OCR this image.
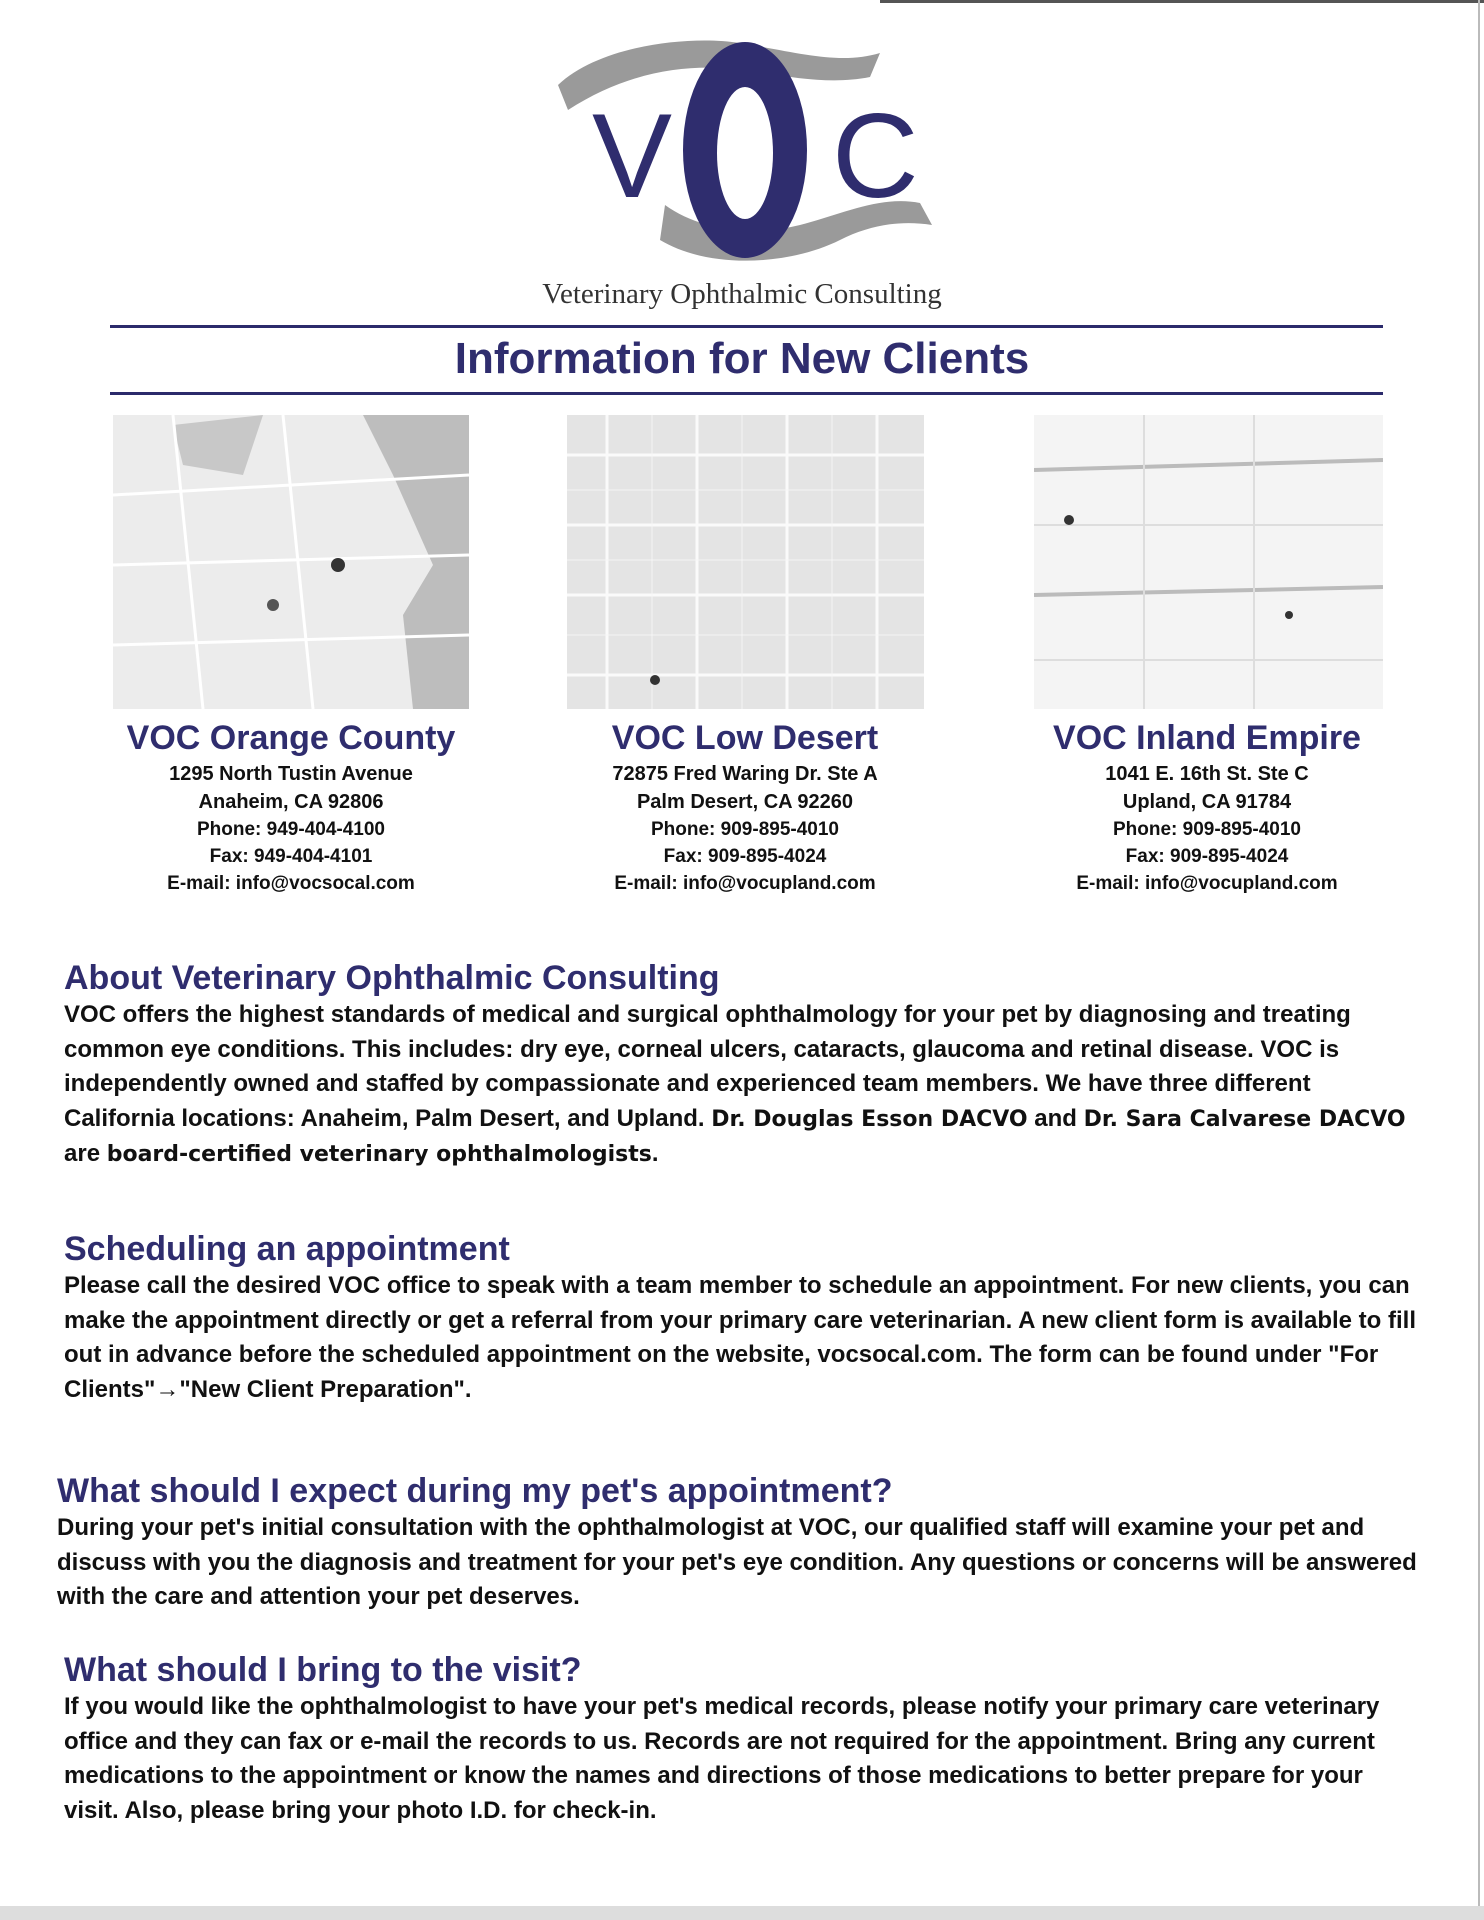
V C
Veterinary Ophthalmic Consulting
Information for New Clients
VOC Orange County
1295 North Tustin Avenue
Anaheim, CA 92806
Phone: 949-404-4100
Fax: 949-404-4101
E-mail: info@vocsocal.com
VOC Low Desert
72875 Fred Waring Dr. Ste A
Palm Desert, CA 92260
Phone: 909-895-4010
Fax: 909-895-4024
E-mail: info@vocupland.com
VOC Inland Empire
1041 E. 16th St. Ste C
Upland, CA 91784
Phone: 909-895-4010
Fax: 909-895-4024
E-mail: info@vocupland.com
About Veterinary Ophthalmic Consulting

VOC offers the highest standards of medical and surgical ophthalmology for your pet by diagnosing and treating common eye conditions. This includes: dry eye, corneal ulcers, cataracts, glaucoma and retinal disease. VOC is independently owned and staffed by compassionate and experienced team members. We have three different California locations: Anaheim, Palm Desert, and Upland. Dr. Douglas Esson DACVO and Dr. Sara Calvarese DACVO are board-certified veterinary ophthalmologists.

Scheduling an appointment

Please call the desired VOC office to speak with a team member to schedule an appointment. For new clients, you can make the appointment directly or get a referral from your primary care veterinarian. A new client form is available to fill out in advance before the scheduled appointment on the website, vocsocal.com. The form can be found under "For Clients"→"New Client Preparation".

What should I expect during my pet's appointment?

During your pet's initial consultation with the ophthalmologist at VOC, our qualified staff will examine your pet and discuss with you the diagnosis and treatment for your pet's eye condition. Any questions or concerns will be answered with the care and attention your pet deserves.

What should I bring to the visit?

If you would like the ophthalmologist to have your pet's medical records, please notify your primary care veterinary office and they can fax or e-mail the records to us. Records are not required for the appointment. Bring any current medications to the appointment or know the names and directions of those medications to better prepare for your visit. Also, please bring your photo I.D. for check-in.
